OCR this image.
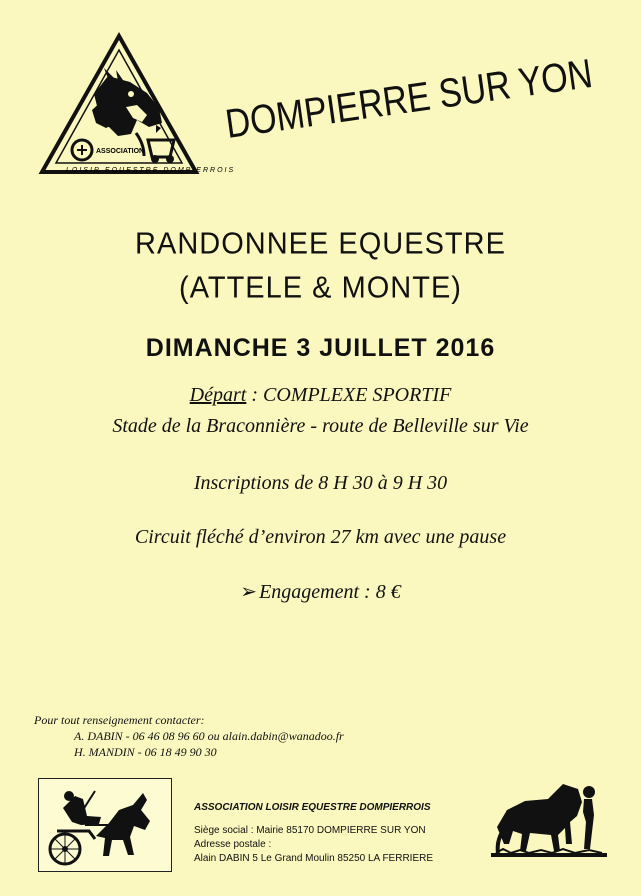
ASSOCIATION
LOISIR EQUESTRE DOMPIERROIS
DOMPIERRE SUR YON
RANDONNEE EQUESTRE
(ATTELE & MONTE)
DIMANCHE 3 JUILLET 2016
Départ : COMPLEXE SPORTIF
Stade de la Braconnière - route de Belleville sur Vie
Inscriptions de 8 H 30 à 9 H 30
Circuit fléché d’environ 27 km avec une pause
➢ Engagement : 8 €
Pour tout renseignement contacter:
A. DABIN - 06 46 08 96 60 ou alain.dabin@wanadoo.fr
H. MANDIN - 06 18 49 90 30
ASSOCIATION LOISIR EQUESTRE DOMPIERROIS
Siège social : Mairie 85170 DOMPIERRE SUR YON
Adresse postale :
Alain DABIN 5 Le Grand Moulin 85250 LA FERRIERE
